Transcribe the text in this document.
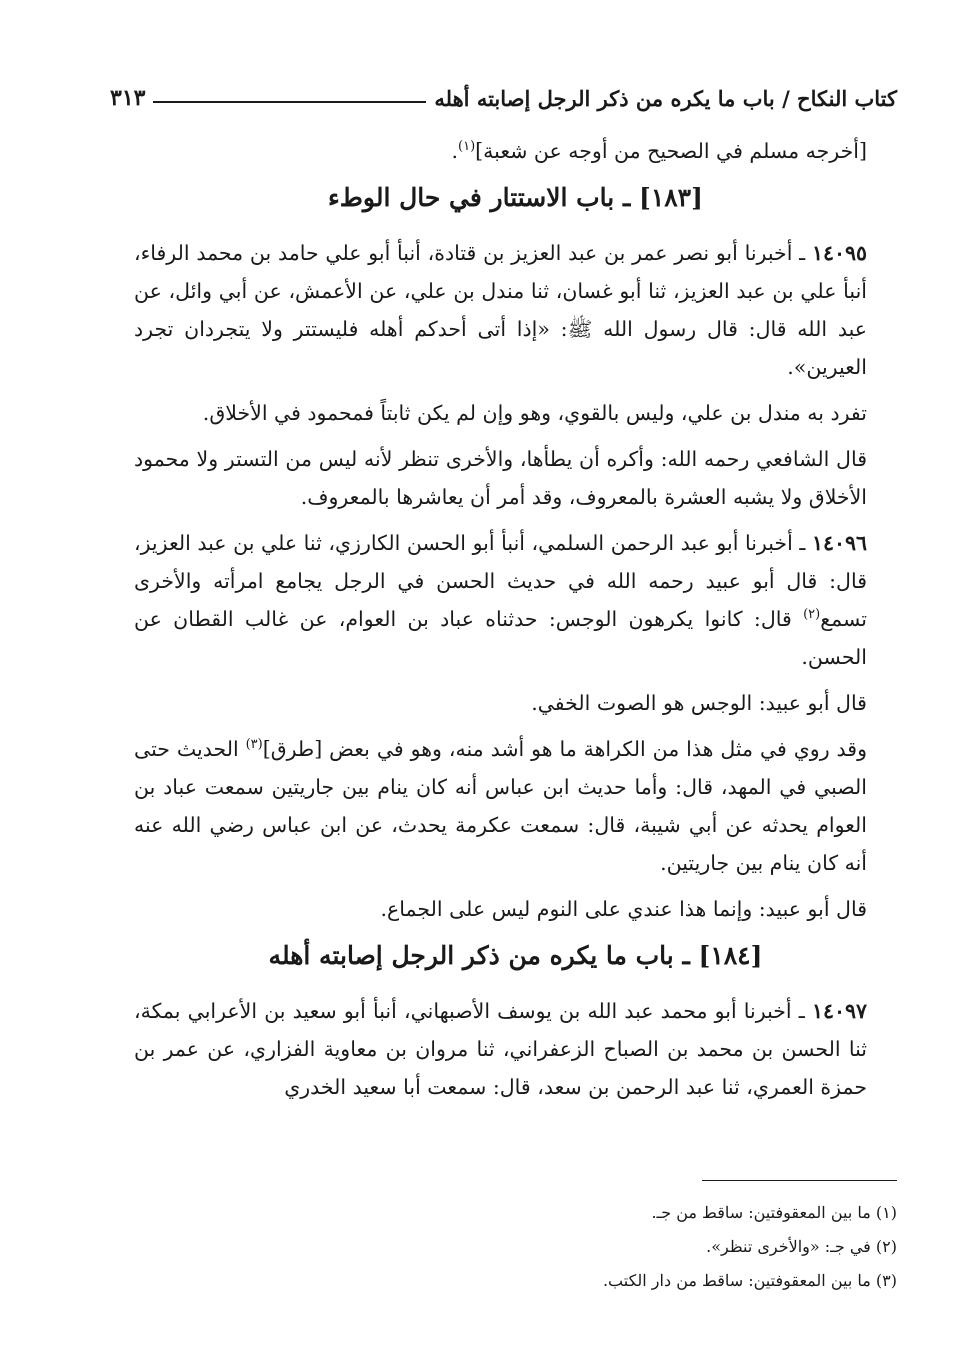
كتاب النكاح / باب ما يكره من ذكر الرجل إصابته أهله
٣١٣

[أخرجه مسلم في الصحيح من أوجه عن شعبة]$^{(١)}$.

[١٨٣] ـ باب الاستتار في حال الوطء

١٤٠٩٥ ـ أخبرنا أبو نصر عمر بن عبد العزيز بن قتادة، أنبأ أبو علي حامد بن محمد الرفاء، أنبأ علي بن عبد العزيز، ثنا أبو غسان، ثنا مندل بن علي، عن الأعمش، عن أبي وائل، عن عبد الله قال: قال رسول الله ﷺ: «إذا أتى أحدكم أهله فليستتر ولا يتجردان تجرد العيرين».

تفرد به مندل بن علي، وليس بالقوي، وهو وإن لم يكن ثابتاً فمحمود في الأخلاق.

قال الشافعي رحمه الله: وأكره أن يطأها، والأخرى تنظر لأنه ليس من التستر ولا محمود الأخلاق ولا يشبه العشرة بالمعروف، وقد أمر أن يعاشرها بالمعروف.

١٤٠٩٦ ـ أخبرنا أبو عبد الرحمن السلمي، أنبأ أبو الحسن الكارزي، ثنا علي بن عبد العزيز، قال: قال أبو عبيد رحمه الله في حديث الحسن في الرجل يجامع امرأته والأخرى تسمع$^{(٢)}$ قال: كانوا يكرهون الوجس: حدثناه عباد بن العوام، عن غالب القطان عن الحسن.

قال أبو عبيد: الوجس هو الصوت الخفي.

وقد روي في مثل هذا من الكراهة ما هو أشد منه، وهو في بعض [طرق]$^{(٣)}$ الحديث حتى الصبي في المهد، قال: وأما حديث ابن عباس أنه كان ينام بين جاريتين سمعت عباد بن العوام يحدثه عن أبي شيبة، قال: سمعت عكرمة يحدث، عن ابن عباس رضي الله عنه أنه كان ينام بين جاريتين.

قال أبو عبيد: وإنما هذا عندي على النوم ليس على الجماع.

[١٨٤] ـ باب ما يكره من ذكر الرجل إصابته أهله

١٤٠٩٧ ـ أخبرنا أبو محمد عبد الله بن يوسف الأصبهاني، أنبأ أبو سعيد بن الأعرابي بمكة، ثنا الحسن بن محمد بن الصباح الزعفراني، ثنا مروان بن معاوية الفزاري، عن عمر بن حمزة العمري، ثنا عبد الرحمن بن سعد، قال: سمعت أبا سعيد الخدري

(١) ما بين المعقوفتين: ساقط من جـ.
(٢) في جـ: «والأخرى تنظر».
(٣) ما بين المعقوفتين: ساقط من دار الكتب.
